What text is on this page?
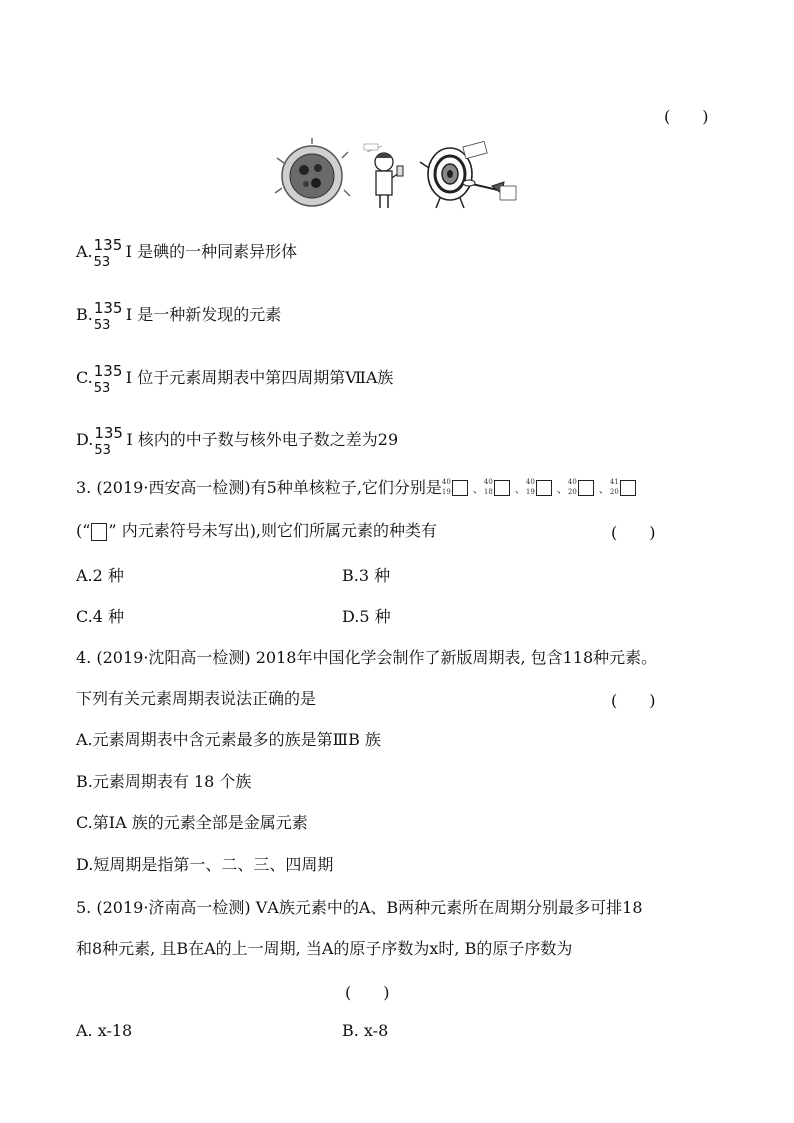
(　　)
A. 135
53
I 是碘的一种同素异形体
B. 135
53
I 是一种新发现的元素
C. 135
53
I 位于元素周期表中第四周期第ⅦA族
D. 135
53
I 核内的中子数与核外电子数之差为29
3. (2019·西安高一检测)有5种单核粒子,它们分别是 40
19 、
40
18 、
40
19 、
40
20 、
41
20
(“ ” 内元素符号未写出),则它们所属元素的种类有	(　　)
A.2 种	B.3 种
C.4 种	D.5 种
4. (2019·沈阳高一检测) 2018年中国化学会制作了新版周期表, 包含118种元素。
下列有关元素周期表说法正确的是	(　　)
A.元素周期表中含元素最多的族是第ⅢB 族
B.元素周期表有 18 个族
C.第ⅠA 族的元素全部是金属元素
D.短周期是指第一、二、三、四周期
5. (2019·济南高一检测) ⅤA族元素中的A、B两种元素所在周期分别最多可排18
和8种元素, 且B在A的上一周期, 当A的原子序数为x时, B的原子序数为
(　　)
A. x-18	B. x-8
